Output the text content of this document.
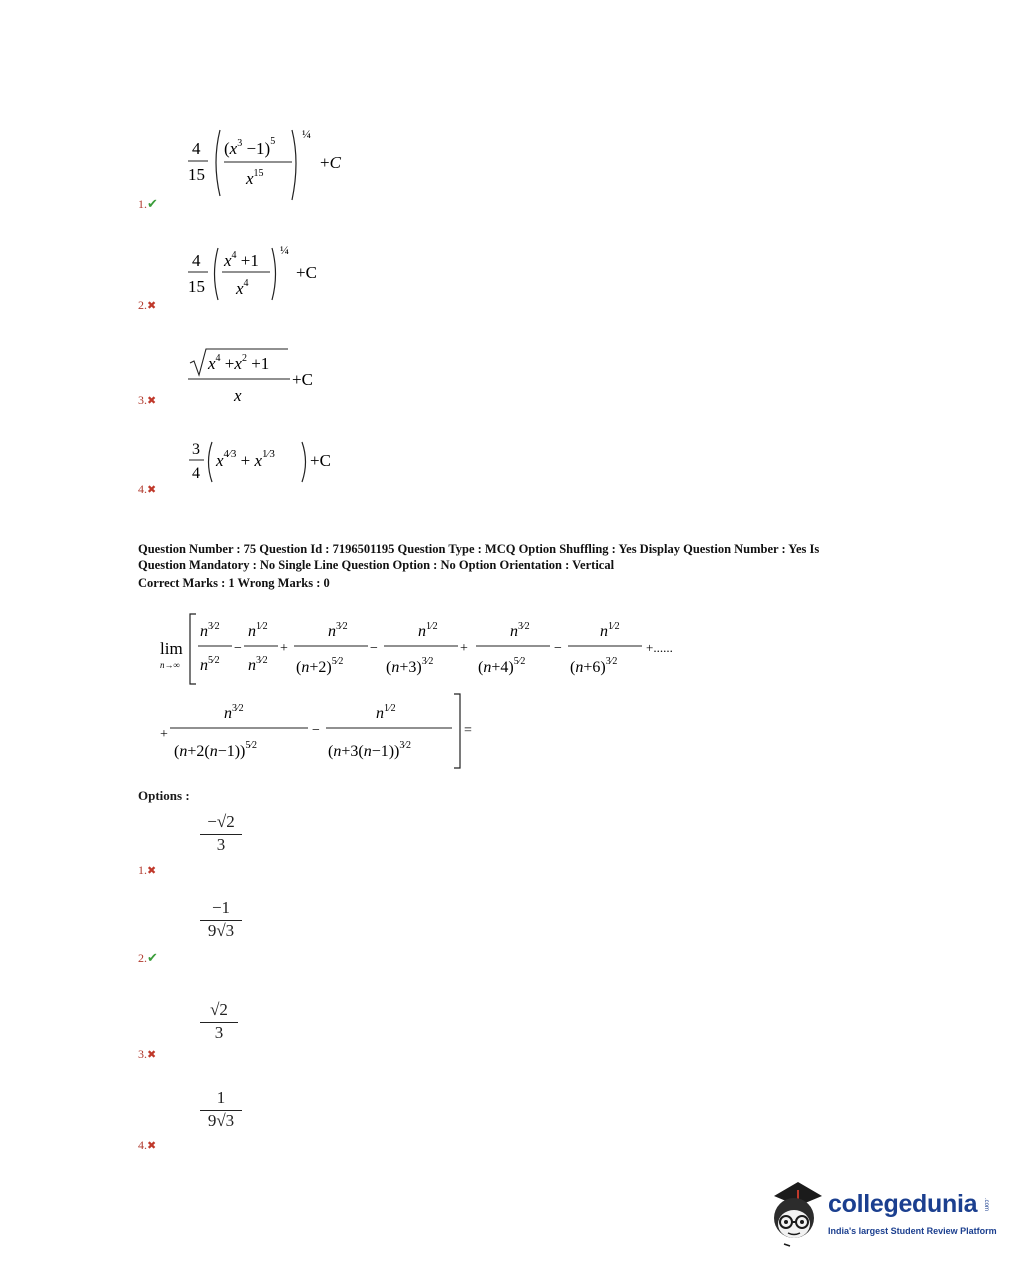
4
15
$(x^3 -1)^5$
$x^{15}$
¼
+C
1.✔
4
15
$x^4 +1$
$x^4$
¼
+C
2.✖
$x^4 +x^2 +1$
x
+C
3.✖
3
4
$x^{4⁄3} + x^{1⁄3} +C$
4.✖
Question Number : 75 Question Id : 7196501195 Question Type : MCQ Option Shuffling : Yes Display Question Number : Yes Is
Question Mandatory : No Single Line Question Option : No Option Orientation : Vertical
Correct Marks : 1 Wrong Marks : 0
lim
n→∞
$n^{3⁄2}$
$n^{5⁄2}$
−
$n^{1⁄2}$
$n^{3⁄2}$
+
$n^{3⁄2}$
$(n+2)^{5⁄2}$
−
$n^{1⁄2}$
$(n+3)^{3⁄2}$
+
$n^{3⁄2}$
$(n+4)^{5⁄2}$
−
$n^{1⁄2}$
$(n+6)^{3⁄2}$
+......
+
$n^{3⁄2}$
$(n+2(n-1))^{5⁄2}$
−
$n^{1⁄2}$
$(n+3(n-1))^{3⁄2}$
=
Options :
−√2
3
1.✖
−1
9√3
2.✔
√2
3
3.✖
1
9√3
4.✖
collegedunia .com
India's largest Student Review Platform
